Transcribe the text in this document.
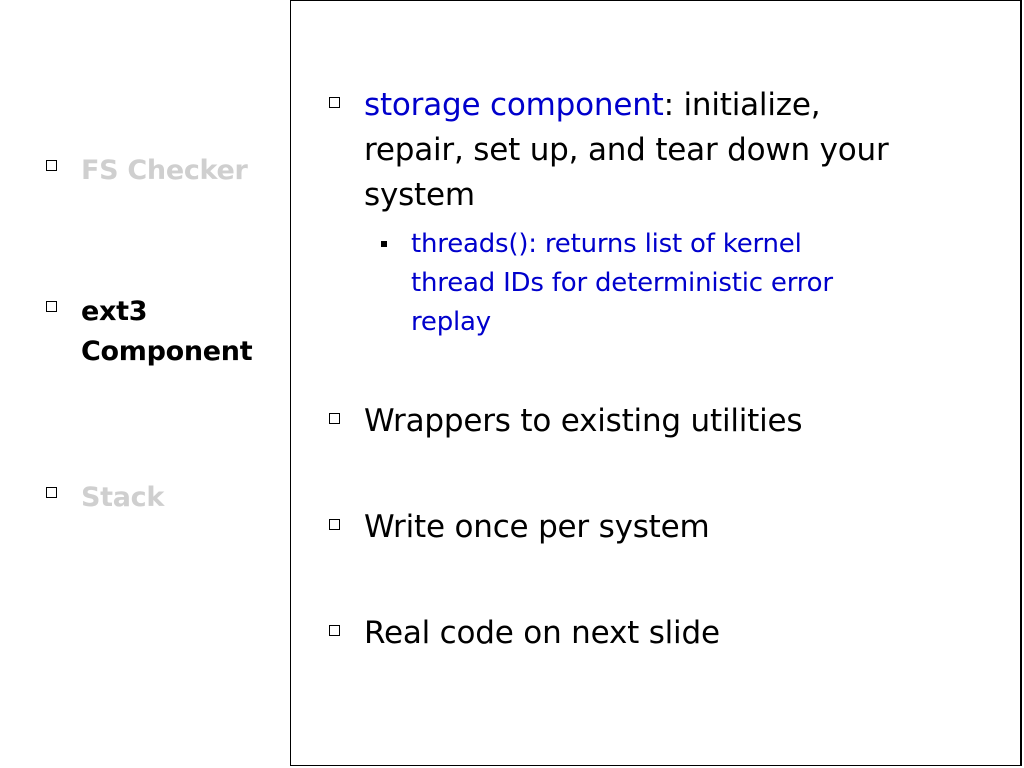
FS Checker
ext3
Component
Stack
storage component: initialize,
repair, set up, and tear down your
system
threads(): returns list of kernel
thread IDs for deterministic error
replay
Wrappers to existing utilities
Write once per system
Real code on next slide
